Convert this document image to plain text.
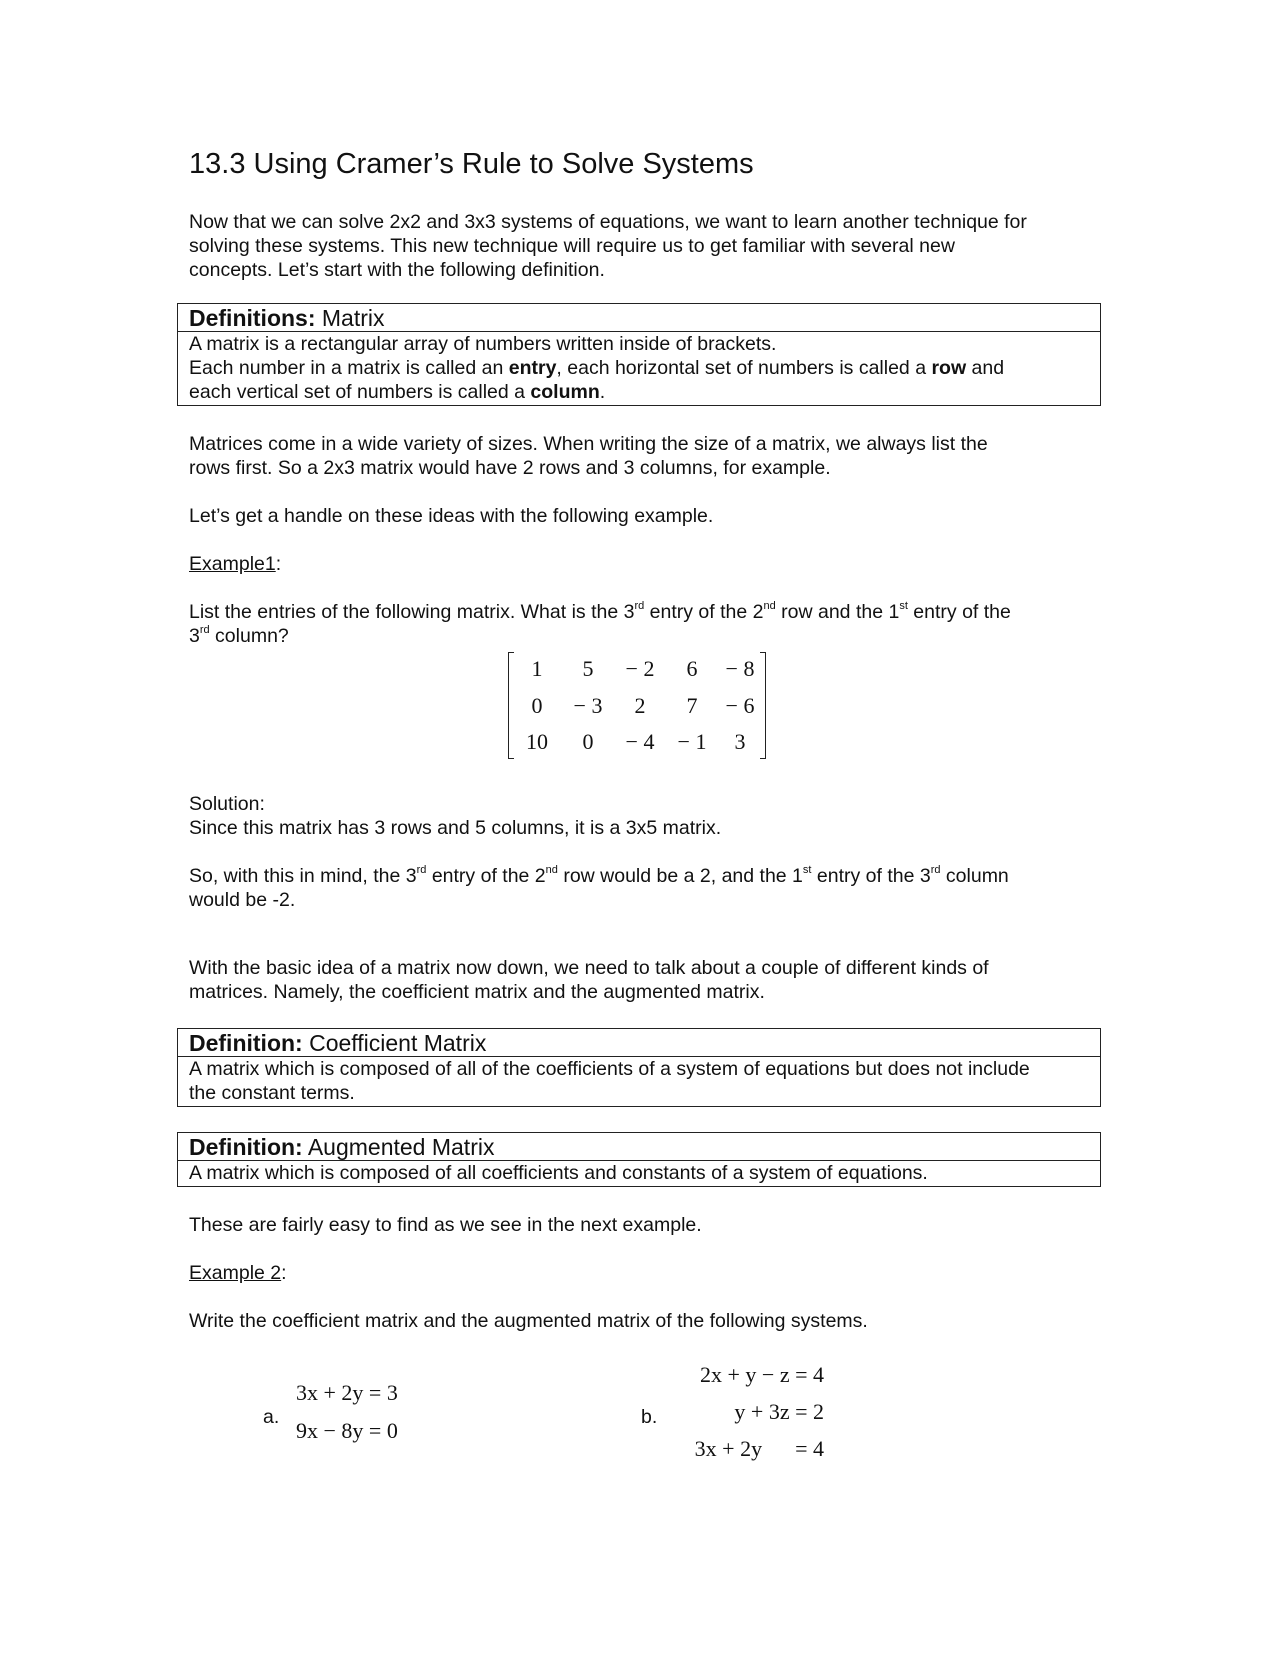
13.3 Using Cramer’s Rule to Solve Systems

Now that we can solve 2x2 and 3x3 systems of equations, we want to learn another technique for

solving these systems. This new technique will require us to get familiar with several new

concepts. Let’s start with the following definition.

Definitions: Matrix

A matrix is a rectangular array of numbers written inside of brackets.

Each number in a matrix is called an entry, each horizontal set of numbers is called a row and

each vertical set of numbers is called a column.

Matrices come in a wide variety of sizes. When writing the size of a matrix, we always list the

rows first. So a 2x3 matrix would have 2 rows and 3 columns, for example.

Let’s get a handle on these ideas with the following example.

Example1:

List the entries of the following matrix. What is the 3rd entry of the 2nd row and the 1st entry of the

3rd column?

1	5	− 2	6	− 8
0	− 3	2	7	− 6
10	0	− 4	− 1	3

Solution:

Since this matrix has 3 rows and 5 columns, it is a 3x5 matrix.

So, with this in mind, the 3rd entry of the 2nd row would be a 2, and the 1st entry of the 3rd column

would be -2.

With the basic idea of a matrix now down, we need to talk about a couple of different kinds of

matrices. Namely, the coefficient matrix and the augmented matrix.

Definition: Coefficient Matrix

A matrix which is composed of all of the coefficients of a system of equations but does not include

the constant terms.

Definition: Augmented Matrix

A matrix which is composed of all coefficients and constants of a system of equations.

These are fairly easy to find as we see in the next example.

Example 2:

Write the coefficient matrix and the augmented matrix of the following systems.

a.
3x + 2y = 3
9x − 8y = 0
b.
2x + y − z = 4
y + 3z = 2
3x + 2y      = 4
